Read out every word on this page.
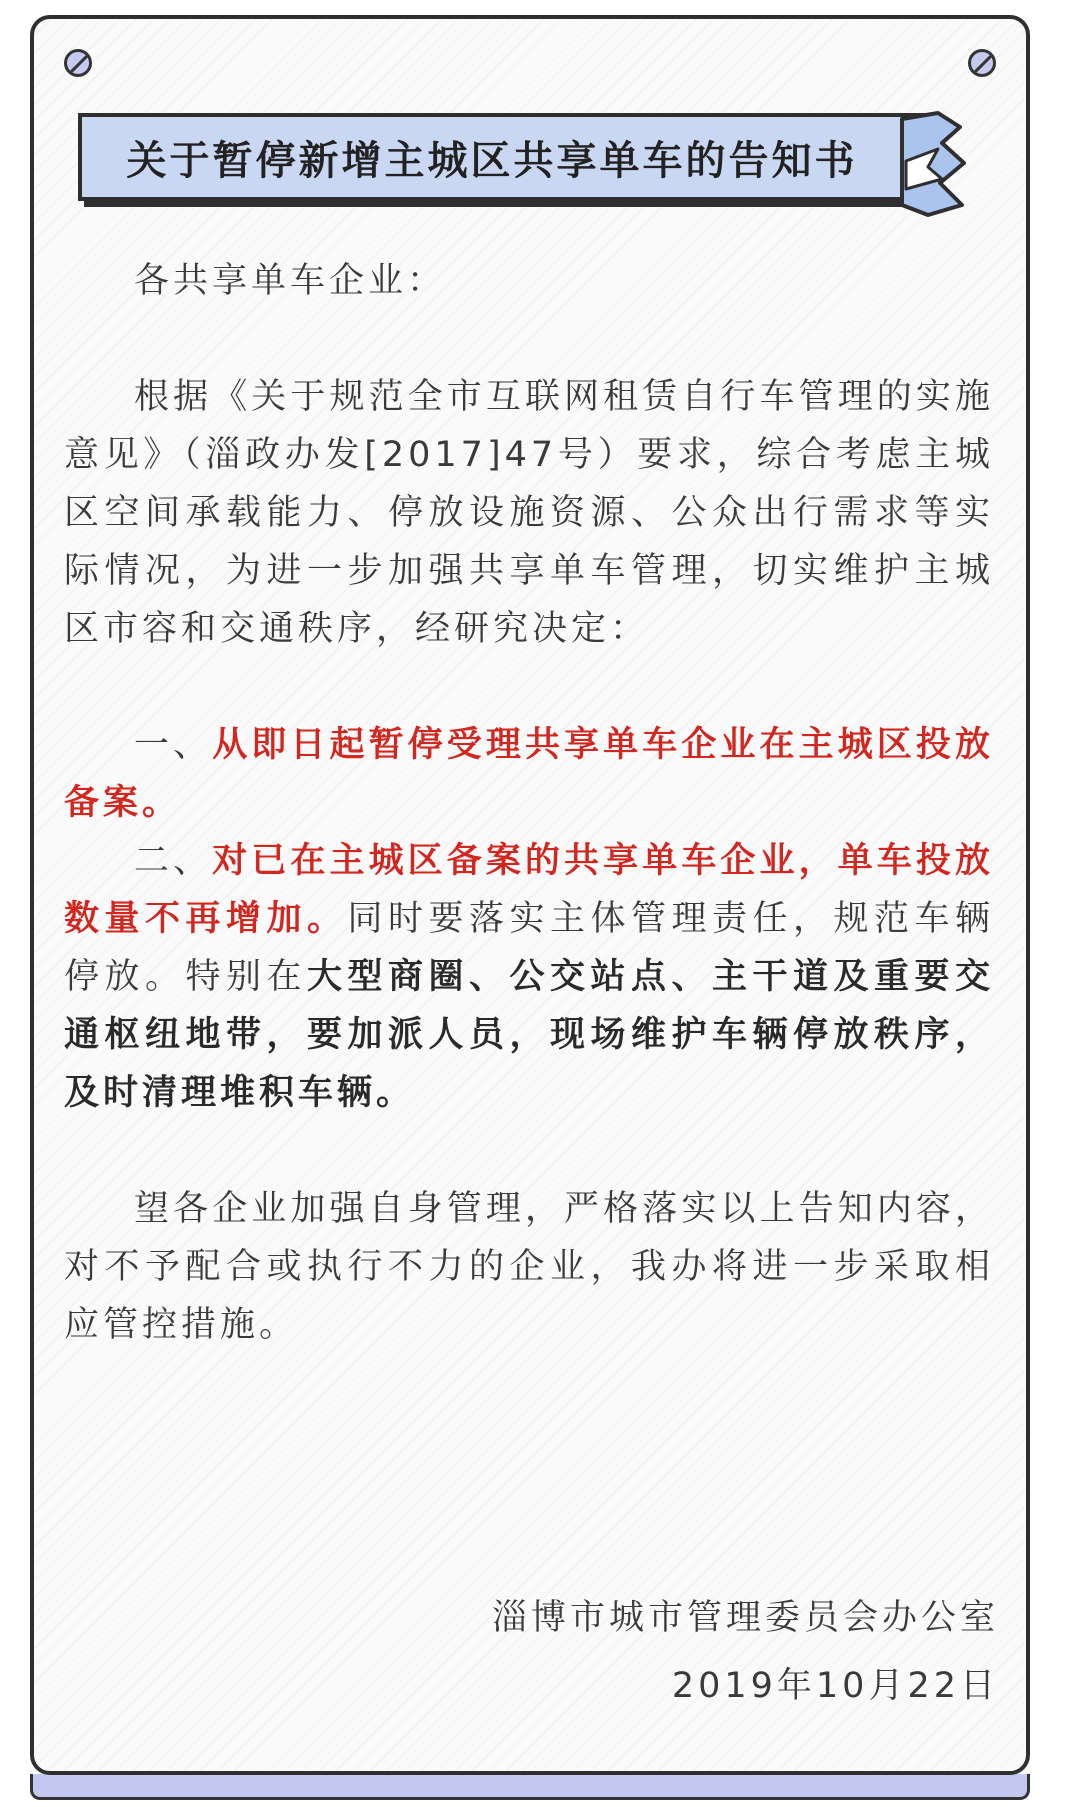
关于暂停新增主城区共享单车的告知书

各共享单车企业：

根据《关于规范全市互联网租赁自行车管理的实施意见》（淄政办发[2017]47号）要求，综合考虑主城区空间承载能力、停放设施资源、公众出行需求等实际情况，为进一步加强共享单车管理，切实维护主城区市容和交通秩序，经研究决定：

一、从即日起暂停受理共享单车企业在主城区投放备案。

二、对已在主城区备案的共享单车企业，单车投放数量不再增加。同时要落实主体管理责任，规范车辆停放。特别在大型商圈、公交站点、主干道及重要交通枢纽地带，要加派人员，现场维护车辆停放秩序，及时清理堆积车辆。

望各企业加强自身管理，严格落实以上告知内容，对不予配合或执行不力的企业，我办将进一步采取相应管控措施。

淄博市城市管理委员会办公室
2019年10月22日
